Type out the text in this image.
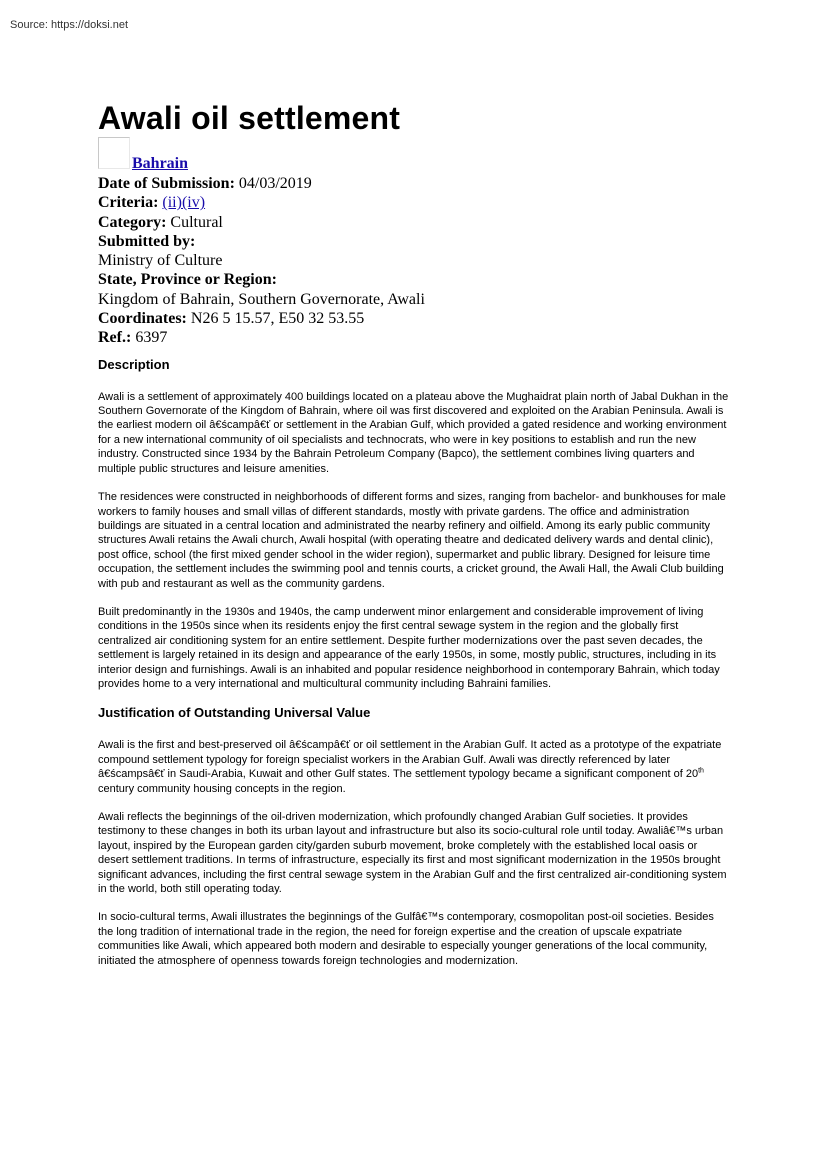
Source: https://doksi.net
Awali oil settlement
Bahrain
Date of Submission: 04/03/2019
Criteria: (ii)(iv)
Category: Cultural
Submitted by:
Ministry of Culture
State, Province or Region:
Kingdom of Bahrain, Southern Governorate, Awali
Coordinates: N26 5 15.57, E50 32 53.55
Ref.: 6397
Description

Awali is a settlement of approximately 400 buildings located on a plateau above the Mughaidrat plain north of Jabal Dukhan in the Southern Governorate of the Kingdom of Bahrain, where oil was first discovered and exploited on the Arabian Peninsula. Awali is the earliest modern oil â€ścampâ€ť or settlement in the Arabian Gulf, which provided a gated residence and working environment for a new international community of oil specialists and technocrats, who were in key positions to establish and run the new industry. Constructed since 1934 by the Bahrain Petroleum Company (Bapco), the settlement combines living quarters and multiple public structures and leisure amenities.

The residences were constructed in neighborhoods of different forms and sizes, ranging from bachelor- and bunkhouses for male workers to family houses and small villas of different standards, mostly with private gardens. The office and administration buildings are situated in a central location and administrated the nearby refinery and oilfield. Among its early public community structures Awali retains the Awali church, Awali hospital (with operating theatre and dedicated delivery wards and dental clinic), post office, school (the first mixed gender school in the wider region), supermarket and public library. Designed for leisure time occupation, the settlement includes the swimming pool and tennis courts, a cricket ground, the Awali Hall, the Awali Club building with pub and restaurant as well as the community gardens.

Built predominantly in the 1930s and 1940s, the camp underwent minor enlargement and considerable improvement of living conditions in the 1950s since when its residents enjoy the first central sewage system in the region and the globally first centralized air conditioning system for an entire settlement. Despite further modernizations over the past seven decades, the settlement is largely retained in its design and appearance of the early 1950s, in some, mostly public, structures, including in its interior design and furnishings. Awali is an inhabited and popular residence neighborhood in contemporary Bahrain, which today provides home to a very international and multicultural community including Bahraini families.

Justification of Outstanding Universal Value

Awali is the first and best-preserved oil â€ścampâ€ť or oil settlement in the Arabian Gulf. It acted as a prototype of the expatriate compound settlement typology for foreign specialist workers in the Arabian Gulf. Awali was directly referenced by later â€ścampsâ€ť in Saudi-Arabia, Kuwait and other Gulf states. The settlement typology became a significant component of 20th century community housing concepts in the region.

Awali reflects the beginnings of the oil-driven modernization, which profoundly changed Arabian Gulf societies. It provides testimony to these changes in both its urban layout and infrastructure but also its socio-cultural role until today. Awaliâ€™s urban layout, inspired by the European garden city/garden suburb movement, broke completely with the established local oasis or desert settlement traditions. In terms of infrastructure, especially its first and most significant modernization in the 1950s brought significant advances, including the first central sewage system in the Arabian Gulf and the first centralized air-conditioning system in the world, both still operating today.

In socio-cultural terms, Awali illustrates the beginnings of the Gulfâ€™s contemporary, cosmopolitan post-oil societies. Besides the long tradition of international trade in the region, the need for foreign expertise and the creation of upscale expatriate communities like Awali, which appeared both modern and desirable to especially younger generations of the local community, initiated the atmosphere of openness towards foreign technologies and modernization.
